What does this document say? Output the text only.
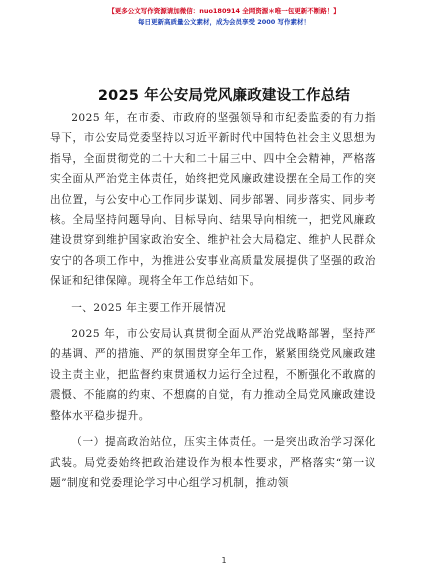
【更多公文写作资源请加微信：nuo180914 全网资源＊唯一包更新不断路！】
每日更新高质量公文素材，成为会员享受 2000 写作素材！
2025 年公安局党风廉政建设工作总结

2025 年，在市委、市政府的坚强领导和市纪委监委的有力指导下，市公安局党委坚持以习近平新时代中国特色社会主义思想为指导，全面贯彻党的二十大和二十届三中、四中全会精神，严格落实全面从严治党主体责任，始终把党风廉政建设摆在全局工作的突出位置，与公安中心工作同步谋划、同步部署、同步落实、同步考核。全局坚持问题导向、目标导向、结果导向相统一，把党风廉政建设贯穿到维护国家政治安全、维护社会大局稳定、维护人民群众安宁的各项工作中，为推进公安事业高质量发展提供了坚强的政治保证和纪律保障。现将全年工作总结如下。

一、2025 年主要工作开展情况

2025 年，市公安局认真贯彻全面从严治党战略部署，坚持严的基调、严的措施、严的氛围贯穿全年工作，紧紧围绕党风廉政建设主责主业，把监督约束贯通权力运行全过程，不断强化不敢腐的震慑、不能腐的约束、不想腐的自觉，有力推动全局党风廉政建设整体水平稳步提升。

（一）提高政治站位，压实主体责任。一是突出政治学习深化武装。局党委始终把政治建设作为根本性要求，严格落实“第一议题”制度和党委理论学习中心组学习机制，推动领

1
